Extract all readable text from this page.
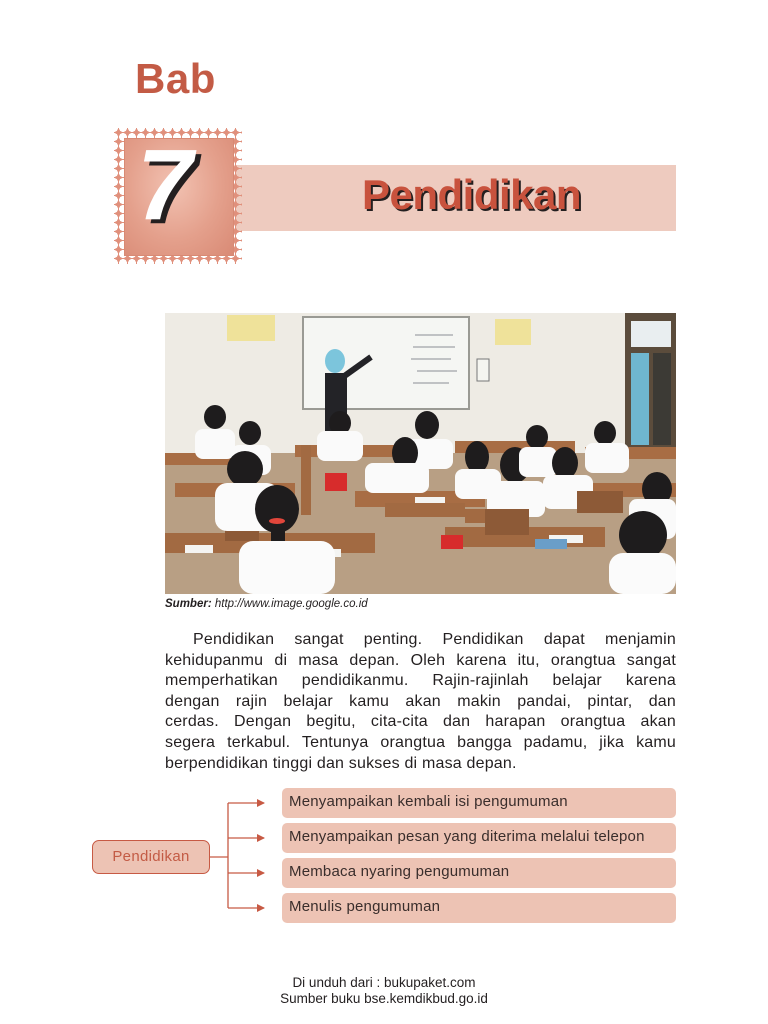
Bab
Pendidikan
7
Sumber: http://www.image.google.co.id

Pendidikan sangat penting. Pendidikan dapat menjamin
kehidupanmu di masa depan. Oleh karena itu, orangtua sangat
memperhatikan pendidikanmu. Rajin-rajinlah belajar karena
dengan rajin belajar kamu akan makin pandai, pintar, dan
cerdas. Dengan begitu, cita-cita dan harapan orangtua akan
segera terkabul. Tentunya orangtua bangga padamu, jika kamu
berpendidikan tinggi dan sukses di masa depan.

Pendidikan
Menyampaikan kembali isi pengumuman
Menyampaikan pesan yang diterima melalui telepon
Membaca nyaring pengumuman
Menulis pengumuman
Di unduh dari : bukupaket.com
Sumber buku bse.kemdikbud.go.id
